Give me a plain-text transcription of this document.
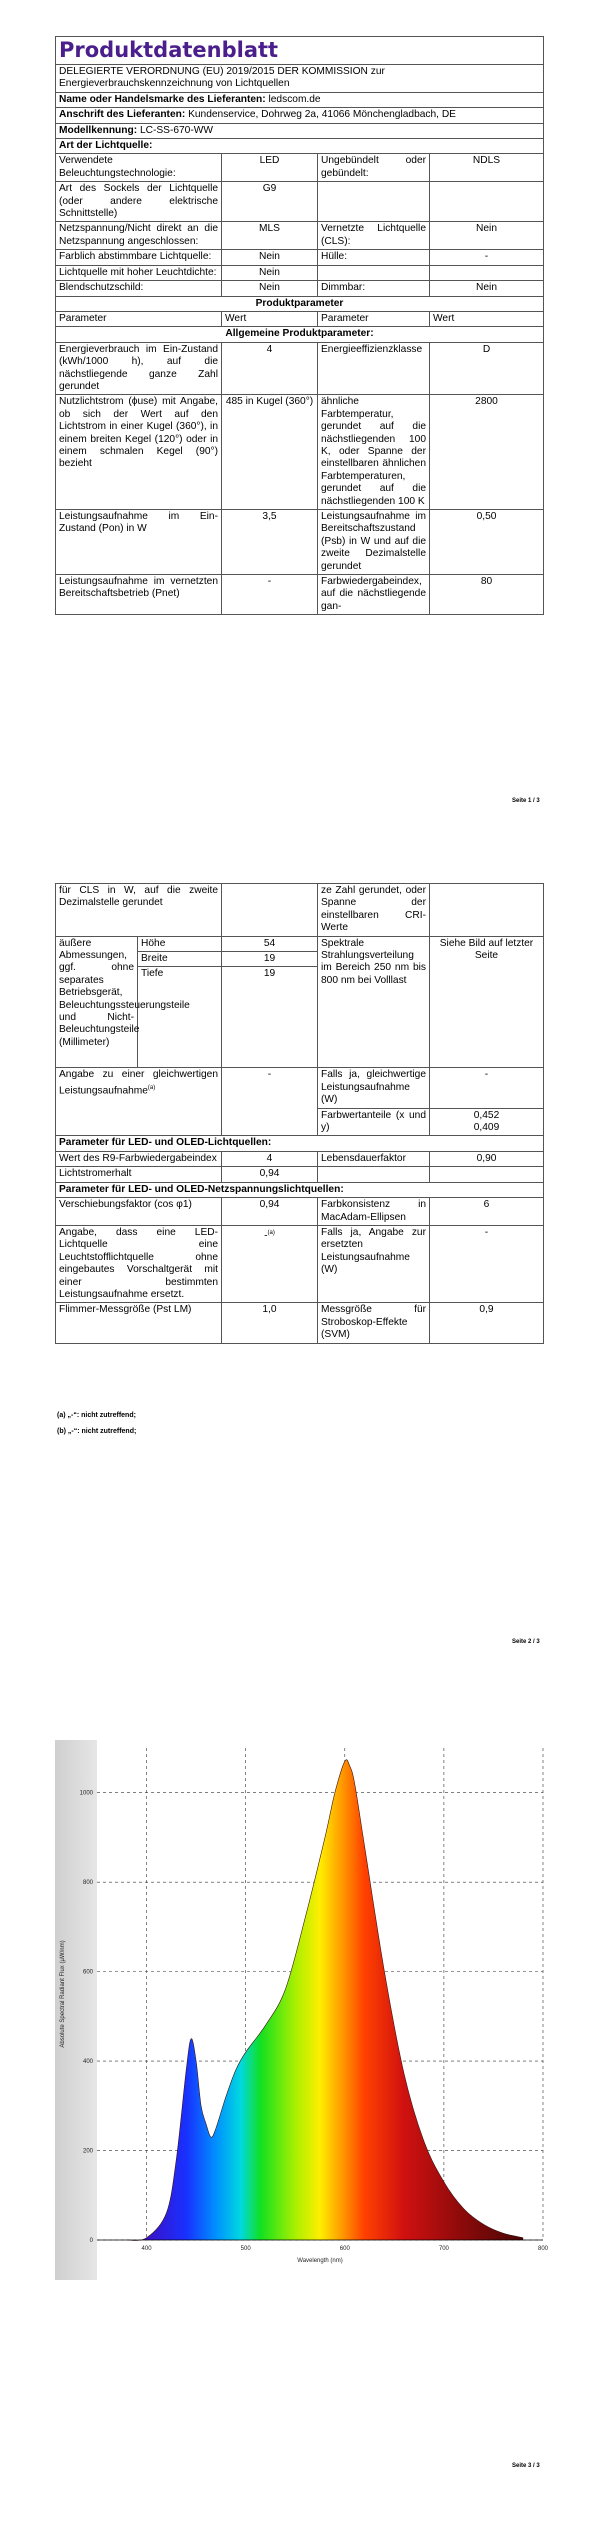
Produktdatenblatt			
DELEGIERTE VERORDNUNG (EU) 2019/2015 DER KOMMISSION zur Energieverbrauchskennzeichnung von Lichtquellen			
Name oder Handelsmarke des Lieferanten: ledscom.de			
Anschrift des Lieferanten: Kundenservice, Dohrweg 2a, 41066 Mönchengladbach, DE			
Modellkennung: LC-SS-670-WW			
Art der Lichtquelle:			
Verwendete Beleuchtungstechnologie:	LED	Ungebündelt oder gebündelt:	NDLS
Art des Sockels der Lichtquelle (oder andere elektrische Schnittstelle)	G9		
Netzspannung/Nicht direkt an die Netzspannung angeschlossen:	MLS	Vernetzte Lichtquelle (CLS):	Nein
Farblich abstimmbare Lichtquelle:	Nein	Hülle:	-
Lichtquelle mit hoher Leuchtdichte:	Nein		
Blendschutzschild:	Nein	Dimmbar:	Nein
Produktparameter			
Parameter	Wert	Parameter	Wert
Allgemeine Produktparameter:			
Energieverbrauch im Ein-Zustand (kWh/1000 h), auf die nächstliegende ganze Zahl gerundet	4	Energieeffizienzklasse	D
Nutzlichtstrom (ϕuse) mit Angabe, ob sich der Wert auf den Lichtstrom in einer Kugel (360°), in einem breiten Kegel (120°) oder in einem schmalen Kegel (90°) bezieht	485 in Kugel (360°)	ähnliche Farbtemperatur, gerundet auf die nächstliegenden 100 K, oder Spanne der einstellbaren ähnlichen Farbtemperaturen, gerundet auf die nächstliegenden 100 K	2800
Leistungsaufnahme im Ein-Zustand (Pon) in W	3,5	Leistungsaufnahme im Bereitschaftszustand (Psb) in W und auf die zweite Dezimalstelle gerundet	0,50
Leistungsaufnahme im vernetzten Bereitschaftsbetrieb (Pnet)	-	Farbwiedergabeindex, auf die nächstliegende gan-	80
Seite 1 / 3
für CLS in W, auf die zweite Dezimalstelle gerundet			ze Zahl gerundet, oder Spanne der einstellbaren CRI-Werte	
äußere Abmessungen, ggf. ohne separates Betriebsgerät, Beleuchtungssteuerungsteile und Nicht-Beleuchtungsteile (Millimeter)	Höhe	54	Spektrale Strahlungsverteilung im Bereich 250 nm bis 800 nm bei Volllast	Siehe Bild auf letzter Seite
	Breite	19		
	Tiefe	19		
Angabe zu einer gleichwertigen Leistungsaufnahme$^{(a)}$		-	Falls ja, gleichwertige Leistungsaufnahme (W)	-
			Farbwertanteile (x und y)	0,452
0,409
Parameter für LED- und OLED-Lichtquellen:				
Wert des R9-Farbwiedergabeindex		4	Lebensdauerfaktor	0,90
Lichtstromerhalt		0,94		
Parameter für LED- und OLED-Netzspannungslichtquellen:				
Verschiebungsfaktor (cos φ1)		0,94	Farbkonsistenz in MacAdam-Ellipsen	6
Angabe, dass eine LED-Lichtquelle eine Leuchtstofflichtquelle ohne eingebautes Vorschaltgerät mit einer bestimmten Leistungsaufnahme ersetzt.		-$^{(a)}$	Falls ja, Angabe zur ersetzten Leistungsaufnahme (W)	-
Flimmer-Messgröße (Pst LM)		1,0	Messgröße für Stroboskop-Effekte (SVM)	0,9
(a) „-“: nicht zutreffend;
(b) „-“: nicht zutreffend;
Seite 2 / 3
400	500	600	700	800
0
200
400
600
800
1000
Wavelength (nm)
Absolute Spectral Radiant Flux (µW/nm)
Seite 3 / 3
